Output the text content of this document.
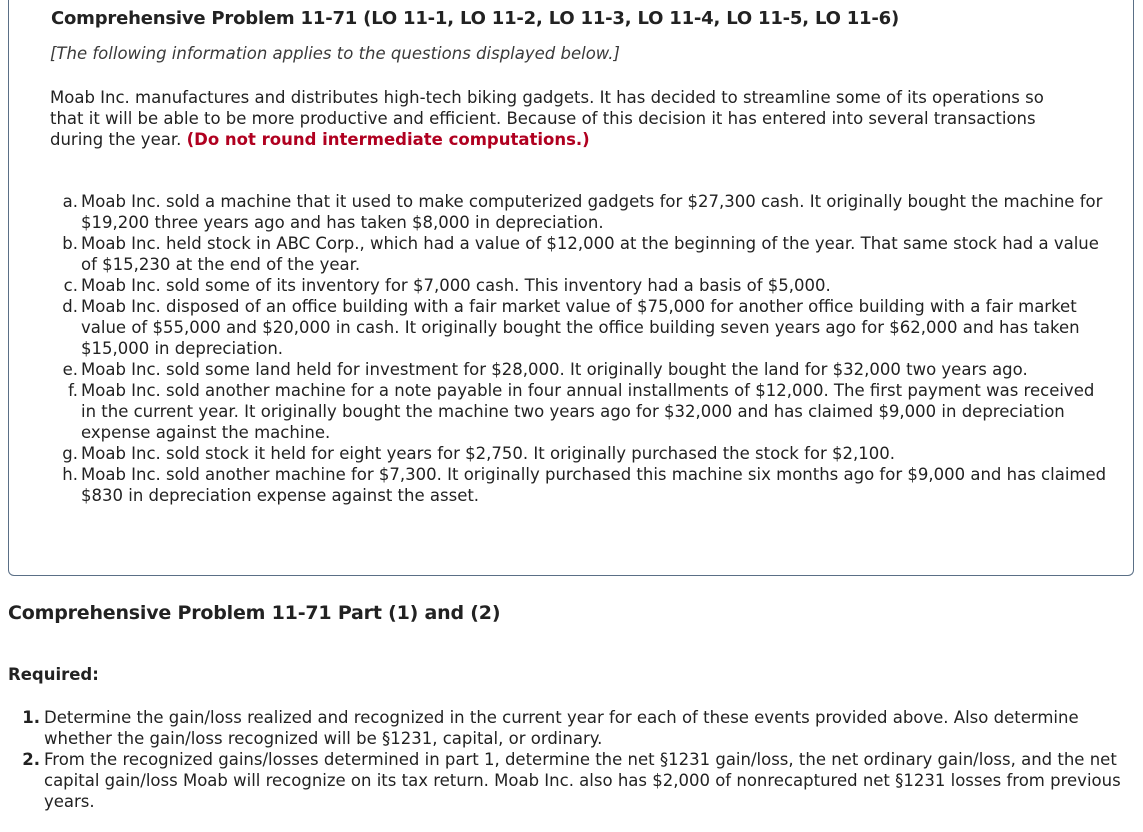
Comprehensive Problem 11-71 (LO 11-1, LO 11-2, LO 11-3, LO 11-4, LO 11-5, LO 11-6)

[The following information applies to the questions displayed below.]

Moab Inc. manufactures and distributes high-tech biking gadgets. It has decided to streamline some of its operations so that it will be able to be more productive and efficient. Because of this decision it has entered into several transactions during the year. (Do not round intermediate computations.)

a. Moab Inc. sold a machine that it used to make computerized gadgets for $27,300 cash. It originally bought the machine for $19,200 three years ago and has taken $8,000 in depreciation.
b. Moab Inc. held stock in ABC Corp., which had a value of $12,000 at the beginning of the year. That same stock had a value of $15,230 at the end of the year.
c. Moab Inc. sold some of its inventory for $7,000 cash. This inventory had a basis of $5,000.
d. Moab Inc. disposed of an office building with a fair market value of $75,000 for another office building with a fair market value of $55,000 and $20,000 in cash. It originally bought the office building seven years ago for $62,000 and has taken $15,000 in depreciation.
e. Moab Inc. sold some land held for investment for $28,000. It originally bought the land for $32,000 two years ago.
f. Moab Inc. sold another machine for a note payable in four annual installments of $12,000. The first payment was received in the current year. It originally bought the machine two years ago for $32,000 and has claimed $9,000 in depreciation expense against the machine.
g. Moab Inc. sold stock it held for eight years for $2,750. It originally purchased the stock for $2,100.
h. Moab Inc. sold another machine for $7,300. It originally purchased this machine six months ago for $9,000 and has claimed $830 in depreciation expense against the asset.
Comprehensive Problem 11-71 Part (1) and (2)

Required:

1. Determine the gain/loss realized and recognized in the current year for each of these events provided above. Also determine whether the gain/loss recognized will be §1231, capital, or ordinary.
2. From the recognized gains/losses determined in part 1, determine the net §1231 gain/loss, the net ordinary gain/loss, and the net capital gain/loss Moab will recognize on its tax return. Moab Inc. also has $2,000 of nonrecaptured net §1231 losses from previous years.
